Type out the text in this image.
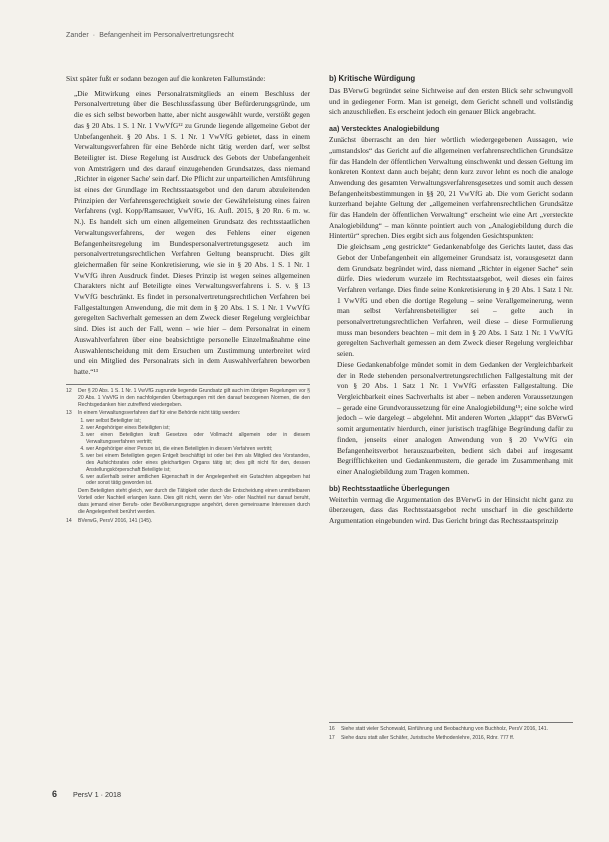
Zander · Befangenheit im Personalvertretungsrecht

Sixt später fußt er sodann bezogen auf die konkreten Fallumstände:

„Die Mitwirkung eines Personalratsmitglieds an einem Beschluss der Personalvertretung über die Beschlussfassung über Befürderungsgründe, um die es sich selbst beworben hatte, aber nicht ausgewählt wurde, verstößt gegen das § 20 Abs. 1 S. 1 Nr. 1 VwVfG¹² zu Grunde liegende allgemeine Gebot der Unbefangenheit. § 20 Abs. 1 S. 1 Nr. 1 VwVfG gebietet, dass in einem Verwaltungsverfahren für eine Behörde nicht tätig werden darf, wer selbst Beteiligter ist. Diese Regelung ist Ausdruck des Gebots der Unbefangenheit von Amtsträgern und des darauf einzugehenden Grundsatzes, dass niemand ‚Richter in eigener Sache' sein darf. Die Pflicht zur unparteilichen Amtsführung ist eines der Grundlage im Rechtsstaatsgebot und den darum abzuleitenden Prinzipien der Verfahrensgerechtigkeit sowie der Gewährleistung eines fairen Verfahrens (vgl. Kopp/Ramsauer, VwVfG, 16. Aufl. 2015, § 20 Rn. 6 m. w. N.). Es handelt sich um einen allgemeinen Grundsatz des rechtsstaatlichen Verwaltungsverfahrens, der wegen des Fehlens einer eigenen Befangenheitsregelung im Bundespersonalvertretungsgesetz auch im personalvertretungsrechtlichen Verfahren Geltung beansprucht. Dies gilt gleichermaßen für seine Konkretisierung, wie sie in § 20 Abs. 1 S. 1 Nr. 1 VwVfG ihren Ausdruck findet. Dieses Prinzip ist wegen seines allgemeinen Charakters nicht auf Beteiligte eines Verwaltungsverfahrens i. S. v. § 13 VwVfG beschränkt. Es findet in personalvertretungsrechtlichen Verfahren bei Fallgestaltungen Anwendung, die mit dem in § 20 Abs. 1 S. 1 Nr. 1 VwVfG geregelten Sachverhalt gemessen an dem Zweck dieser Regelung vergleichbar sind. Dies ist auch der Fall, wenn – wie hier – dem Personalrat in einem Auswahlverfahren über eine beabsichtigte personelle Einzelmaßnahme eine Auswahlentscheidung mit dem Ersuchen um Zustimmung unterbreitet wird und ein Mitglied des Personalrats sich in dem Auswahlverfahren beworben hatte.“¹³

12	Der § 20 Abs. 1 S. 1 Nr. 1 VwVfG zugrunde liegende Grundsatz gilt auch im übrigen Regelungen vor § 20 Abs. 1 VwVfG in den nachfolgenden Übertragungen mit den darauf bezogenen Normen, die den Rechtsgedanken hier zutreffend wiedergeben.
13	In einem Verwaltungsverfahren darf für eine Behörde nicht tätig werden:
1. wer selbst Beteiligter ist;
2. wer Angehöriger eines Beteiligten ist;
3. wer einen Beteiligten kraft Gesetzes oder Vollmacht allgemein oder in diesem Verwaltungsverfahren vertritt;
4. wer Angehöriger einer Person ist, die einen Beteiligten in diesem Verfahren vertritt;
5. wer bei einem Beteiligten gegen Entgelt beschäftigt ist oder bei ihm als Mitglied des Vorstandes, des Aufsichtsrates oder eines gleichartigen Organs tätig ist; dies gilt nicht für den, dessen Anstellungskörperschaft Beteiligte ist;
6. wer außerhalb seiner amtlichen Eigenschaft in der Angelegenheit ein Gutachten abgegeben hat oder sonst tätig geworden ist.
Dem Beteiligten steht gleich, wer durch die Tätigkeit oder durch die Entscheidung einen unmittelbaren Vorteil oder Nachteil erlangen kann. Dies gilt nicht, wenn der Vor- oder Nachteil nur darauf beruht, dass jemand einer Berufs- oder Bevölkerungsgruppe angehört, deren gemeinsame Interessen durch die Angelegenheit berührt werden.
14	BVerwG, PersV 2016, 141 (145).
b) Kritische Würdigung

Das BVerwG begründet seine Sichtweise auf den ersten Blick sehr schwungvoll und in gediegener Form. Man ist geneigt, dem Gericht schnell und vollständig sich anzuschließen. Es erscheint jedoch ein genauer Blick angebracht.

aa) Verstecktes Analogiebildung

Zunächst überrascht an den hier wörtlich wiedergegebenen Aussagen, wie „umstandslos“ das Gericht auf die allgemeinen verfahrensrechtlichen Grundsätze für das Handeln der öffentlichen Verwaltung einschwenkt und dessen Geltung im konkreten Kontext dann auch bejaht; denn kurz zuvor lehnt es noch die analoge Anwendung des gesamten Verwaltungsverfahrensgesetzes und somit auch dessen Befangenheitsbestimmungen in §§ 20, 21 VwVfG ab. Die vom Gericht sodann kurzerhand bejahte Geltung der „allgemeinen verfahrensrechtlichen Grundsätze für das Handeln der öffentlichen Verwaltung“ erscheint wie eine Art „versteckte Analogiebildung“ – man könnte pointiert auch von „Analogiebildung durch die Hintertür“ sprechen. Dies ergibt sich aus folgenden Gesichtspunkten:

Die gleichsam „eng gestrickte“ Gedankenabfolge des Gerichts lautet, dass das Gebot der Unbefangenheit ein allgemeiner Grundsatz ist, vorausgesetzt dann dem Grundsatz begründet wird, dass niemand „Richter in eigener Sache“ sein dürfe. Dies wiederum wurzele im Rechtsstaatsgebot, weil dieses ein faires Verfahren verlange. Dies finde seine Konkretisierung in § 20 Abs. 1 Satz 1 Nr. 1 VwVfG und eben die dortige Regelung – seine Verallgemeinerung, wenn man selbst Verfahrensbeteiligter sei – gelte auch in personalvertretungsrechtlichen Verfahren, weil diese – diese Formulierung muss man besonders beachten – mit dem in § 20 Abs. 1 Satz 1 Nr. 1 VwVfG geregelten Sachverhalt gemessen an dem Zweck dieser Regelung vergleichbar seien.

Diese Gedankenabfolge mündet somit in dem Gedanken der Vergleichbarkeit der in Rede stehenden personalvertretungsrechtlichen Fallgestaltung mit der von § 20 Abs. 1 Satz 1 Nr. 1 VwVfG erfassten Fallgestaltung. Die Vergleichbarkeit eines Sachverhalts ist aber – neben anderen Voraussetzungen – gerade eine Grundvoraussetzung für eine Analogiebildung¹⁵; eine solche wird jedoch – wie dargelegt – abgelehnt. Mit anderen Worten „klappt“ das BVerwG somit argumentativ hierdurch, einer juristisch tragfähige Begründung dafür zu finden, jenseits einer analogen Anwendung von § 20 VwVfG ein Befangenheitsverbot herauszuarbeiten, bedient sich dabei auf insgesamt Begrifflichkeiten und Gedankenmustern, die gerade im Zusammenhang mit einer Analogiebildung zum Tragen kommen.

bb) Rechtsstaatliche Überlegungen

Weiterhin vermag die Argumentation des BVerwG in der Hinsicht nicht ganz zu überzeugen, dass das Rechtsstaatsgebot recht unscharf in die geschilderte Argumentation eingebunden wird. Das Gericht bringt das Rechtsstaatsprinzip

16	Siehe statt vieler Schonwald, Einführung und Beobachtung von Buchholz, PersV 2016, 141.
17	Siehe dazu statt aller Schäfer, Juristische Methodenlehre, 2016, Rdnr. 777 ff.
6 PersV 1 · 2018
